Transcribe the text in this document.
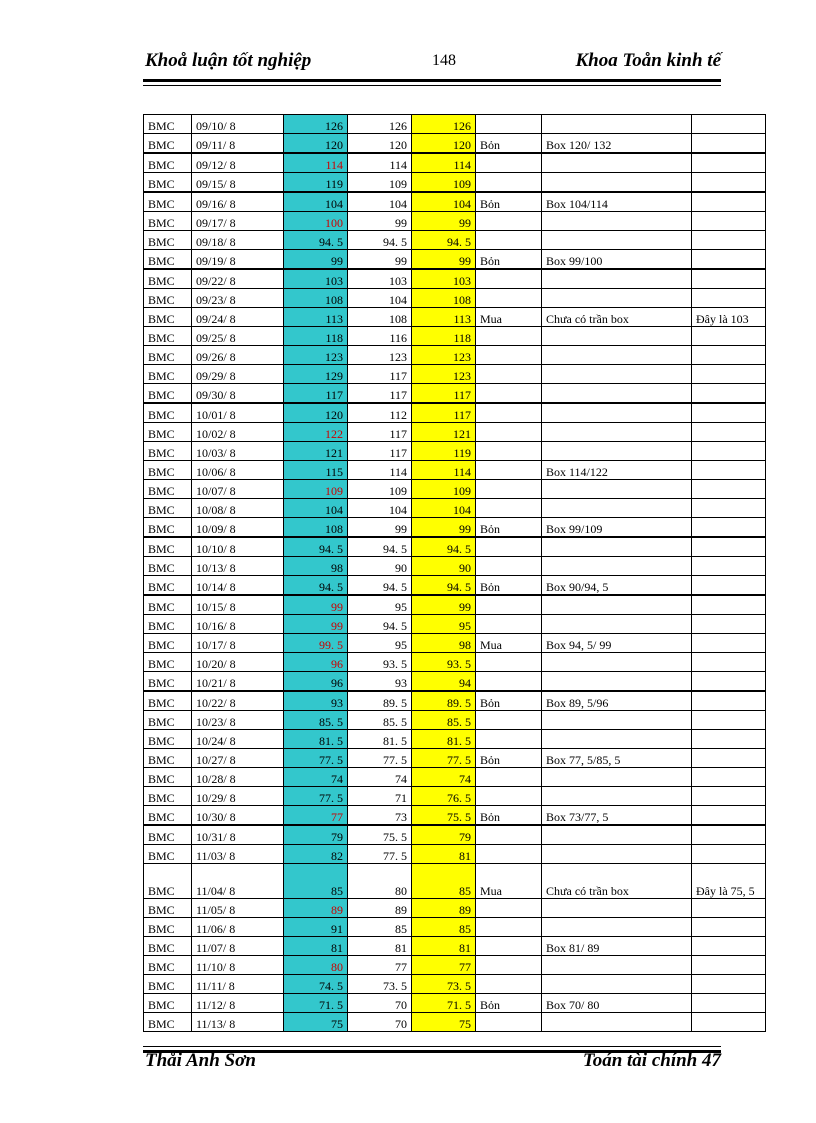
Khoå luận tốt nghiệp	148	Khoa Toån kinh tế
BMC	09/10/ 8	126	126	126			
BMC	09/11/ 8	120	120	120	Bỏn	Box 120/ 132	
BMC	09/12/ 8	114	114	114			
BMC	09/15/ 8	119	109	109			
BMC	09/16/ 8	104	104	104	Bỏn	Box 104/114	
BMC	09/17/ 8	100	99	99			
BMC	09/18/ 8	94. 5	94. 5	94. 5			
BMC	09/19/ 8	99	99	99	Bỏn	Box 99/100	
BMC	09/22/ 8	103	103	103			
BMC	09/23/ 8	108	104	108			
BMC	09/24/ 8	113	108	113	Mua	Chưa có trần box	Đây là 103
BMC	09/25/ 8	118	116	118			
BMC	09/26/ 8	123	123	123			
BMC	09/29/ 8	129	117	123			
BMC	09/30/ 8	117	117	117			
BMC	10/01/ 8	120	112	117			
BMC	10/02/ 8	122	117	121			
BMC	10/03/ 8	121	117	119			
BMC	10/06/ 8	115	114	114		Box 114/122	
BMC	10/07/ 8	109	109	109			
BMC	10/08/ 8	104	104	104			
BMC	10/09/ 8	108	99	99	Bỏn	Box 99/109	
BMC	10/10/ 8	94. 5	94. 5	94. 5			
BMC	10/13/ 8	98	90	90			
BMC	10/14/ 8	94. 5	94. 5	94. 5	Bỏn	Box 90/94, 5	
BMC	10/15/ 8	99	95	99			
BMC	10/16/ 8	99	94. 5	95			
BMC	10/17/ 8	99. 5	95	98	Mua	Box 94, 5/ 99	
BMC	10/20/ 8	96	93. 5	93. 5			
BMC	10/21/ 8	96	93	94			
BMC	10/22/ 8	93	89. 5	89. 5	Bỏn	Box 89, 5/96	
BMC	10/23/ 8	85. 5	85. 5	85. 5			
BMC	10/24/ 8	81. 5	81. 5	81. 5			
BMC	10/27/ 8	77. 5	77. 5	77. 5	Bỏn	Box 77, 5/85, 5	
BMC	10/28/ 8	74	74	74			
BMC	10/29/ 8	77. 5	71	76. 5			
BMC	10/30/ 8	77	73	75. 5	Bỏn	Box 73/77, 5	
BMC	10/31/ 8	79	75. 5	79			
BMC	11/03/ 8	82	77. 5	81			
BMC	11/04/ 8	85	80	85	Mua	Chưa có trần box	Đây là 75, 5
BMC	11/05/ 8	89	89	89			
BMC	11/06/ 8	91	85	85			
BMC	11/07/ 8	81	81	81		Box 81/ 89	
BMC	11/10/ 8	80	77	77			
BMC	11/11/ 8	74. 5	73. 5	73. 5			
BMC	11/12/ 8	71. 5	70	71. 5	Bỏn	Box 70/ 80	
BMC	11/13/ 8	75	70	75			
Thåi Anh Sơn	Toán tài chính 47
